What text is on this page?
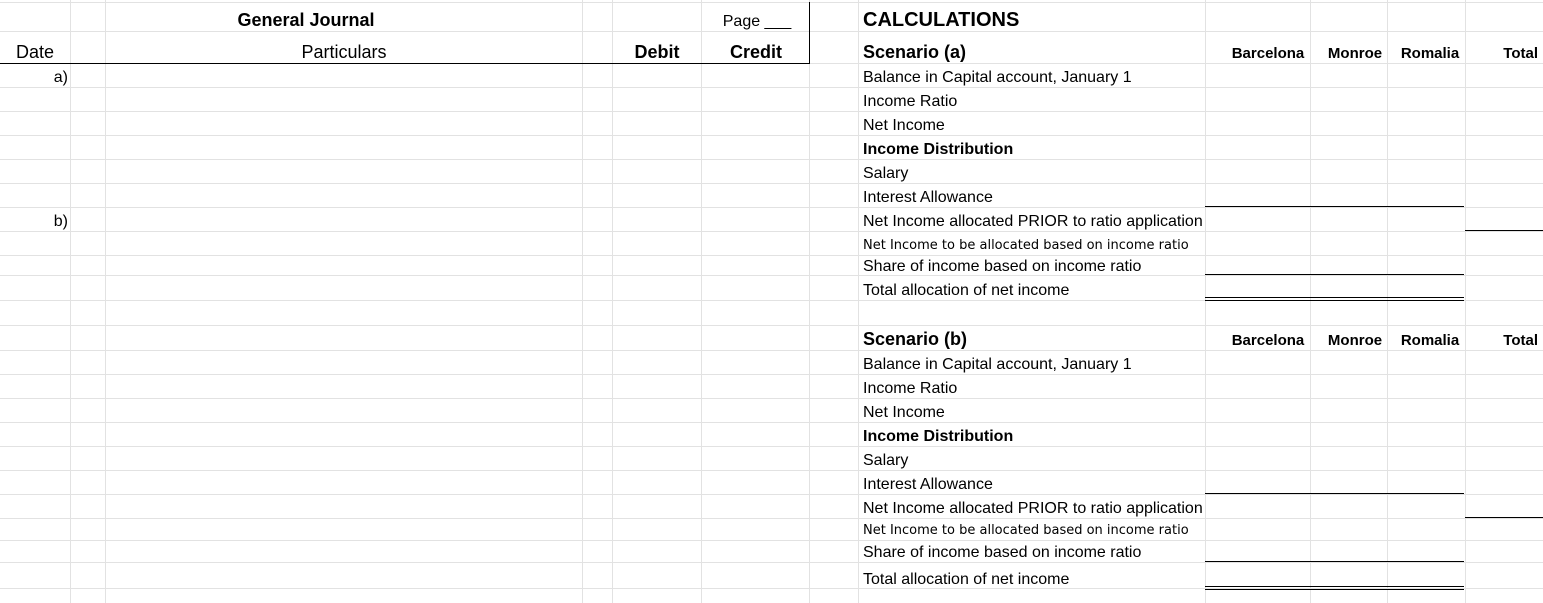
General Journal	Page ___
Date	Particulars	Debit	Credit
a)
b)
CALCULATIONS
Scenario (a)	Barcelona Monroe Romalia	Total
Balance in Capital account, January 1
Income Ratio
Net Income
Income Distribution
Salary
Interest Allowance
Net Income allocated PRIOR to ratio application
Net Income to be allocated based on income ratio
Share of income based on income ratio
Total allocation of net income
Scenario (b)	Barcelona Monroe Romalia	Total
Balance in Capital account, January 1
Income Ratio
Net Income
Income Distribution
Salary
Interest Allowance
Net Income allocated PRIOR to ratio application
Net Income to be allocated based on income ratio
Share of income based on income ratio
Total allocation of net income
